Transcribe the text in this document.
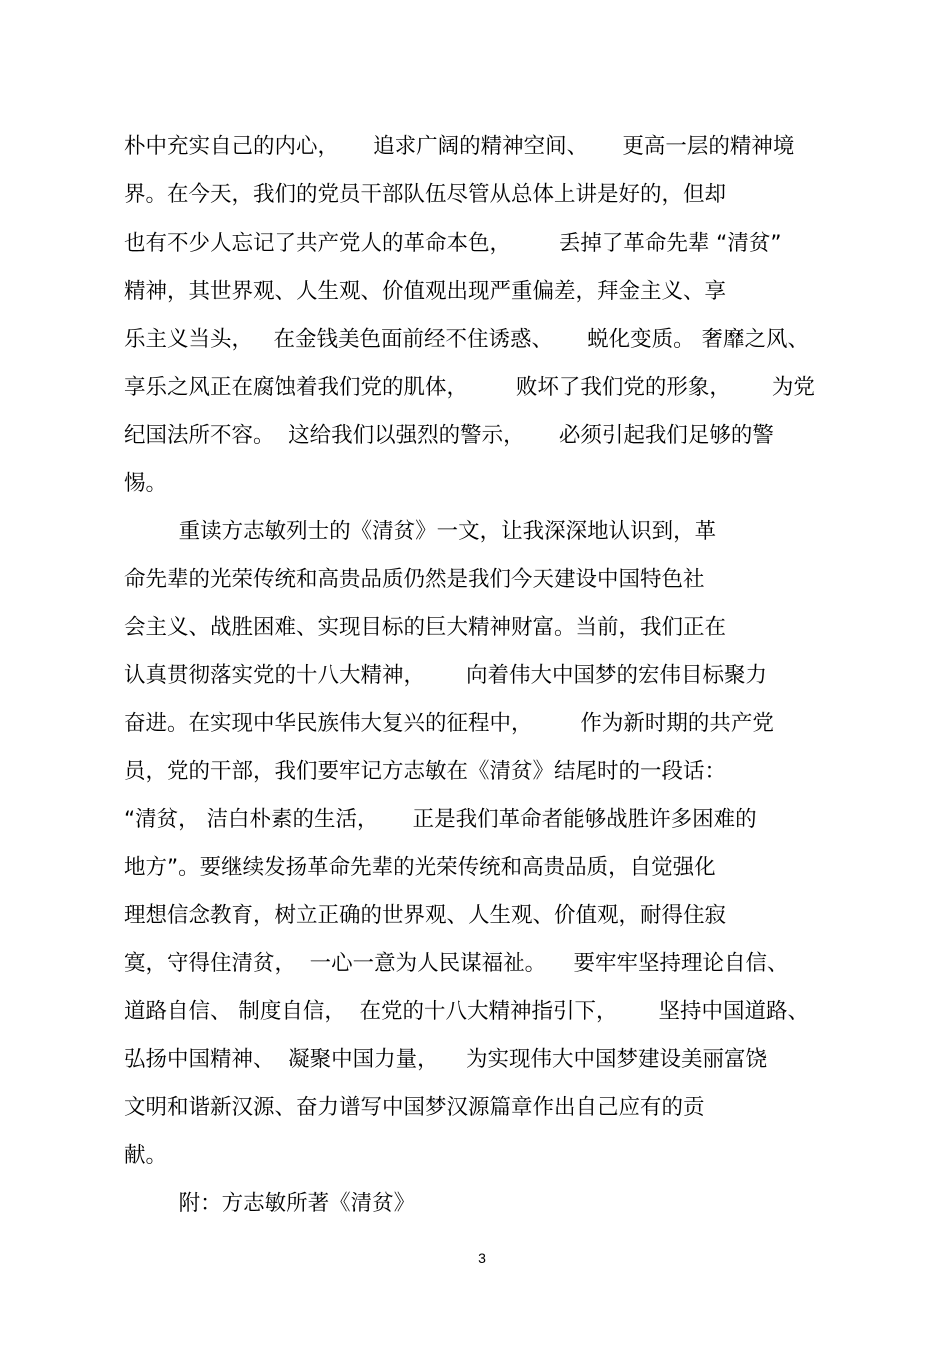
朴中充实自己的内心，     追求广阔的精神空间、     更高一层的精神境
界。在今天，我们的党员干部队伍尽管从总体上讲是好的，但却
也有不少人忘记了共产党人的革命本色，       丢掉了革命先辈 “清贫”
精神，其世界观、人生观、价值观出现严重偏差，拜金主义、享
乐主义当头，   在金钱美色面前经不住诱惑、     蜕化变质。 奢靡之风、
享乐之风正在腐蚀着我们党的肌体，       败坏了我们党的形象，      为党
纪国法所不容。  这给我们以强烈的警示，     必须引起我们足够的警
惕。
重读方志敏列士的《清贫》一文，让我深深地认识到，革
命先辈的光荣传统和高贵品质仍然是我们今天建设中国特色社
会主义、战胜困难、实现目标的巨大精神财富。当前，我们正在
认真贯彻落实党的十八大精神，      向着伟大中国梦的宏伟目标聚力
奋进。在实现中华民族伟大复兴的征程中，       作为新时期的共产党
员，党的干部，我们要牢记方志敏在《清贫》结尾时的一段话：
“清贫， 洁白朴素的生活，     正是我们革命者能够战胜许多困难的
地方”。要继续发扬革命先辈的光荣传统和高贵品质，自觉强化
理想信念教育，树立正确的世界观、人生观、价值观，耐得住寂
寞，守得住清贫，  一心一意为人民谋福祉。    要牢牢坚持理论自信、
道路自信、 制度自信，  在党的十八大精神指引下，      坚持中国道路、
弘扬中国精神、  凝聚中国力量，    为实现伟大中国梦建设美丽富饶
文明和谐新汉源、奋力谱写中国梦汉源篇章作出自己应有的贡
献。
附：方志敏所著《清贫》
3
